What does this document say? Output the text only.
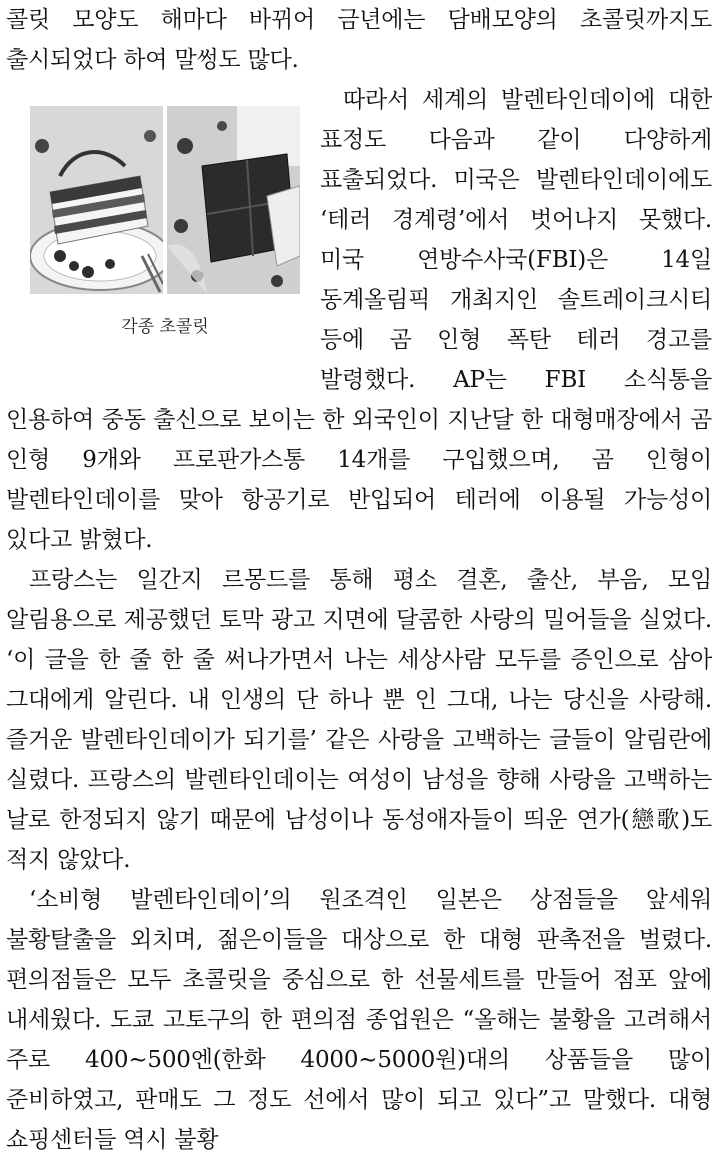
콜릿 모양도 해마다 바뀌어 금년에는 담배모양의 초콜릿까지도 출시되었다 하여 말썽도 많다.

각종 초콜릿

따라서 세계의 발렌타인데이에 대한 표정도 다음과 같이 다양하게 표출되었다. 미국은 발렌타인데이에도 ‘테러 경계령’에서 벗어나지 못했다. 미국 연방수사국(FBI)은 14일 동계올림픽 개최지인 솔트레이크시티 등에 곰 인형 폭탄 테러 경고를 발령했다. AP는 FBI 소식통을 인용하여 중동 출신으로 보이는 한 외국인이 지난달 한 대형매장에서 곰 인형 9개와 프로판가스통 14개를 구입했으며, 곰 인형이 발렌타인데이를 맞아 항공기로 반입되어 테러에 이용될 가능성이 있다고 밝혔다.

프랑스는 일간지 르몽드를 통해 평소 결혼, 출산, 부음, 모임 알림용으로 제공했던 토막 광고 지면에 달콤한 사랑의 밀어들을 실었다. ‘이 글을 한 줄 한 줄 써나가면서 나는 세상사람 모두를 증인으로 삼아 그대에게 알린다. 내 인생의 단 하나 뿐 인 그대, 나는 당신을 사랑해. 즐거운 발렌타인데이가 되기를’ 같은 사랑을 고백하는 글들이 알림란에 실렸다. 프랑스의 발렌타인데이는 여성이 남성을 향해 사랑을 고백하는 날로 한정되지 않기 때문에 남성이나 동성애자들이 띄운 연가(戀歌)도 적지 않았다.

‘소비형 발렌타인데이’의 원조격인 일본은 상점들을 앞세워 불황탈출을 외치며, 젊은이들을 대상으로 한 대형 판촉전을 벌렸다. 편의점들은 모두 초콜릿을 중심으로 한 선물세트를 만들어 점포 앞에 내세웠다. 도쿄 고토구의 한 편의점 종업원은 “올해는 불황을 고려해서 주로 400∼500엔(한화 4000∼5000원)대의 상품들을 많이 준비하였고, 판매도 그 정도 선에서 많이 되고 있다”고 말했다. 대형 쇼핑센터들 역시 불황
